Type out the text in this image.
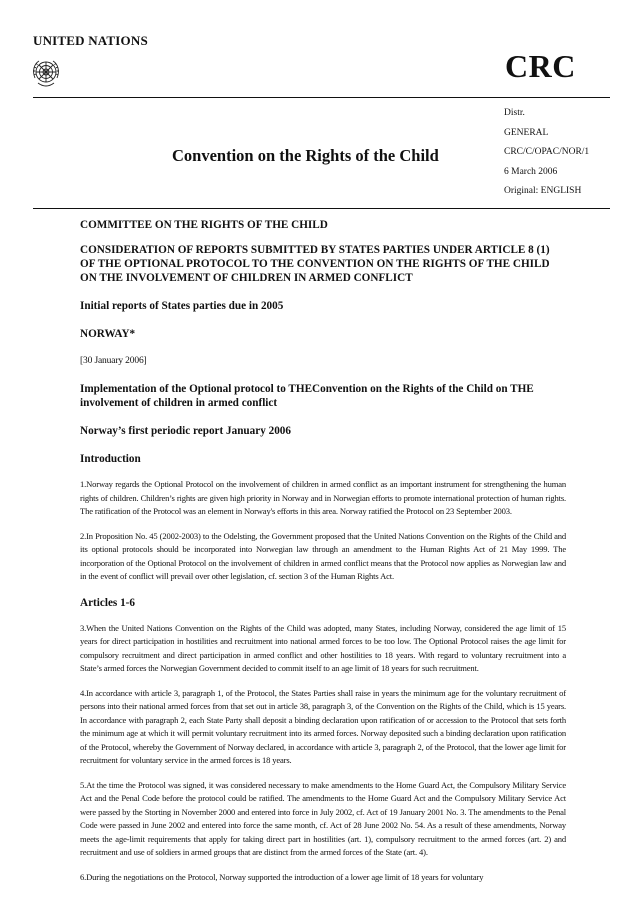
UNITED NATIONS
CRC
Distr.
GENERAL
CRC/C/OPAC/NOR/1
6 March 2006
Original: ENGLISH
Convention on the Rights of the Child
COMMITTEE ON THE RIGHTS OF THE CHILD
CONSIDERATION OF REPORTS SUBMITTED BY STATES PARTIES UNDER ARTICLE 8 (1) OF THE OPTIONAL PROTOCOL TO THE CONVENTION ON THE RIGHTS OF THE CHILD ON THE INVOLVEMENT OF CHILDREN IN ARMED CONFLICT
Initial reports of States parties due in 2005
NORWAY*
[30 January 2006]
Implementation of the Optional protocol to THEConvention on the Rights of the Child on THE involvement of children in armed conflict
Norway’s first periodic report January 2006
Introduction
1.Norway regards the Optional Protocol on the involvement of children in armed conflict as an important instrument for strengthening the human rights of children. Children’s rights are given high priority in Norway and in Norwegian efforts to promote international protection of human rights. The ratification of the Protocol was an element in Norway's efforts in this area. Norway ratified the Protocol on 23 September 2003.
2.In Proposition No. 45 (2002-2003) to the Odelsting, the Government proposed that the United Nations Convention on the Rights of the Child and its optional protocols should be incorporated into Norwegian law through an amendment to the Human Rights Act of 21 May 1999. The incorporation of the Optional Protocol on the involvement of children in armed conflict means that the Protocol now applies as Norwegian law and in the event of conflict will prevail over other legislation, cf. section 3 of the Human Rights Act.
Articles 1-6
3.When the United Nations Convention on the Rights of the Child was adopted, many States, including Norway, considered the age limit of 15 years for direct participation in hostilities and recruitment into national armed forces to be too low. The Optional Protocol raises the age limit for compulsory recruitment and direct participation in armed conflict and other hostilities to 18 years. With regard to voluntary recruitment into a State’s armed forces the Norwegian Government decided to commit itself to an age limit of 18 years for such recruitment.
4.In accordance with article 3, paragraph 1, of the Protocol, the States Parties shall raise in years the minimum age for the voluntary recruitment of persons into their national armed forces from that set out in article 38, paragraph 3, of the Convention on the Rights of the Child, which is 15 years. In accordance with paragraph 2, each State Party shall deposit a binding declaration upon ratification of or accession to the Protocol that sets forth the minimum age at which it will permit voluntary recruitment into its armed forces. Norway deposited such a binding declaration upon ratification of the Protocol, whereby the Government of Norway declared, in accordance with article 3, paragraph 2, of the Protocol, that the lower age limit for recruitment for voluntary service in the armed forces is 18 years.
5.At the time the Protocol was signed, it was considered necessary to make amendments to the Home Guard Act, the Compulsory Military Service Act and the Penal Code before the protocol could be ratified. The amendments to the Home Guard Act and the Compulsory Military Service Act were passed by the Storting in November 2000 and entered into force in July 2002, cf. Act of 19 January 2001 No. 3. The amendments to the Penal Code were passed in June 2002 and entered into force the same month, cf. Act of 28 June 2002 No. 54. As a result of these amendments, Norway meets the age-limit requirements that apply for taking direct part in hostilities (art. 1), compulsory recruitment to the armed forces (art. 2) and recruitment and use of soldiers in armed groups that are distinct from the armed forces of the State (art. 4).
6.During the negotiations on the Protocol, Norway supported the introduction of a lower age limit of 18 years for voluntary
